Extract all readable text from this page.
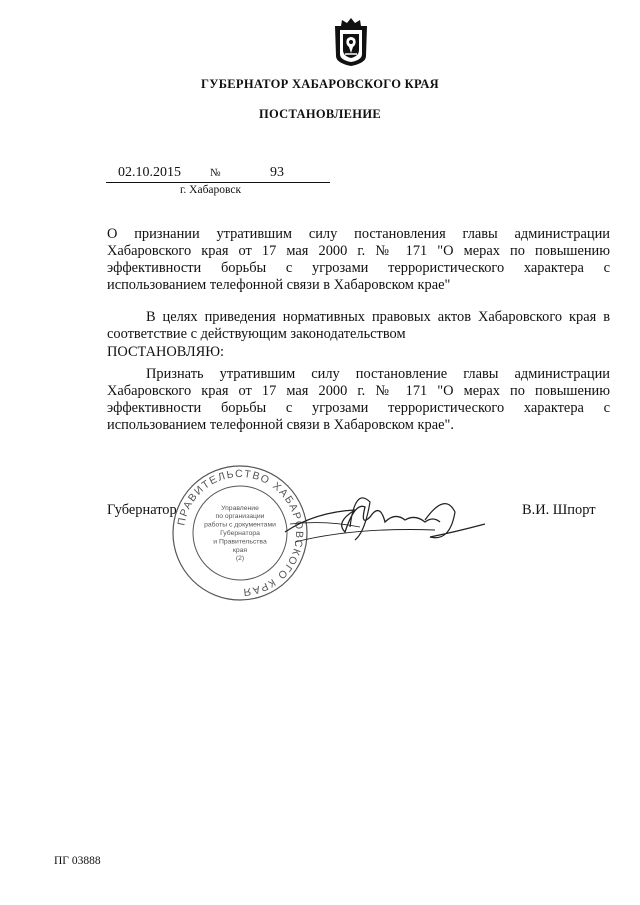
ГУБЕРНАТОР ХАБАРОВСКОГО КРАЯ
ПОСТАНОВЛЕНИЕ
02.10.2015	№	93
г. Хабаровск
О признании утратившим силу постановления главы администрации Хабаровского края от 17 мая 2000 г. № 171 "О мерах по повышению эффективности борьбы с угрозами террористического характера с использованием телефонной связи в Хабаровском крае"
В целях приведения нормативных правовых актов Хабаровского края в соответствие с действующим законодательством
ПОСТАНОВЛЯЮ:
Признать утратившим силу постановление главы администрации Хабаровского края от 17 мая 2000 г. № 171 "О мерах по повышению эффективности борьбы с угрозами террористического характера с использованием телефонной связи в Хабаровском крае".
Губернатор	В.И. Шпорт
ПРАВИТЕЛЬСТВО ХАБАРОВСКОГО КРАЯ
Управление
по организации
работы с документами
Губернатора
и Правительства
края
(2)
ПГ 03888
